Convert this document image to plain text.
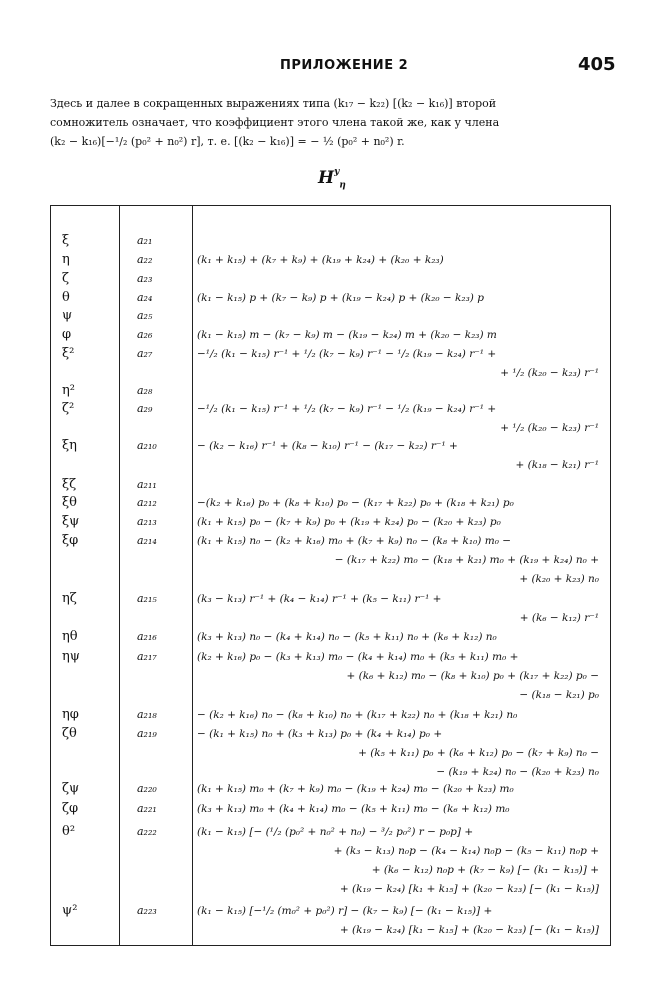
ПРИЛОЖЕНИЕ 2	405
Здесь и далее в сокращенных выражениях типа (k₁₇ − k₂₂) [(k₂ − k₁₆)] второй
сомножитель означает, что коэффициент этого члена такой же, как у члена
(k₂ − k₁₆)[−¹/₂ (p₀² + n₀²) r], т. е. [(k₂ − k₁₆)] = − ½ (p₀² + n₀²) r.
$H^y_\eta$

ξ	a₂₁
η	a₂₂	(k₁ + k₁₅) + (k₇ + k₉) + (k₁₉ + k₂₄) + (k₂₀ + k₂₃)
ζ	a₂₃
θ	a₂₄	(k₁ − k₁₅) p + (k₇ − k₉) p + (k₁₉ − k₂₄) p + (k₂₀ − k₂₃) p
ψ	a₂₅
φ	a₂₆	(k₁ − k₁₅) m − (k₇ − k₉) m − (k₁₉ − k₂₄) m + (k₂₀ − k₂₃) m
ξ²	a₂₇	−¹/₂ (k₁ − k₁₅) r⁻¹ + ¹/₂ (k₇ − k₉) r⁻¹ − ¹/₂ (k₁₉ − k₂₄) r⁻¹ +
+ ¹/₂ (k₂₀ − k₂₃) r⁻¹
η²	a₂₈
ζ²	a₂₉	−¹/₂ (k₁ − k₁₅) r⁻¹ + ¹/₂ (k₇ − k₉) r⁻¹ − ¹/₂ (k₁₉ − k₂₄) r⁻¹ +
+ ¹/₂ (k₂₀ − k₂₃) r⁻¹
ξη	a₂₁₀	− (k₂ − k₁₆) r⁻¹ + (k₈ − k₁₀) r⁻¹ − (k₁₇ − k₂₂) r⁻¹ +
+ (k₁₈ − k₂₁) r⁻¹
ξζ	a₂₁₁
ξθ	a₂₁₂	−(k₂ + k₁₆) p₀ + (k₈ + k₁₀) p₀ − (k₁₇ + k₂₂) p₀ + (k₁₈ + k₂₁) p₀
ξψ	a₂₁₃	(k₁ + k₁₅) p₀ − (k₇ + k₉) p₀ + (k₁₉ + k₂₄) p₀ − (k₂₀ + k₂₃) p₀
ξφ	a₂₁₄	(k₁ + k₁₅) n₀ − (k₂ + k₁₆) m₀ + (k₇ + k₉) n₀ − (k₈ + k₁₀) m₀ −
− (k₁₇ + k₂₂) m₀ − (k₁₈ + k₂₁) m₀ + (k₁₉ + k₂₄) n₀ +
+ (k₂₀ + k₂₃) n₀
ηζ	a₂₁₅	(k₃ − k₁₃) r⁻¹ + (k₄ − k₁₄) r⁻¹ + (k₅ − k₁₁) r⁻¹ +
+ (k₆ − k₁₂) r⁻¹
ηθ	a₂₁₆	(k₃ + k₁₃) n₀ − (k₄ + k₁₄) n₀ − (k₅ + k₁₁) n₀ + (k₆ + k₁₂) n₀
ηψ	a₂₁₇	(k₂ + k₁₆) p₀ − (k₃ + k₁₃) m₀ − (k₄ + k₁₄) m₀ + (k₅ + k₁₁) m₀ +
+ (k₆ + k₁₂) m₀ − (k₈ + k₁₀) p₀ + (k₁₇ + k₂₂) p₀ −
− (k₁₈ − k₂₁) p₀
ηφ	a₂₁₈	− (k₂ + k₁₆) n₀ − (k₈ + k₁₀) n₀ + (k₁₇ + k₂₂) n₀ + (k₁₈ + k₂₁) n₀
ζθ	a₂₁₉	− (k₁ + k₁₅) n₀ + (k₃ + k₁₃) p₀ + (k₄ + k₁₄) p₀ +
+ (k₅ + k₁₁) p₀ + (k₆ + k₁₂) p₀ − (k₇ + k₉) n₀ −
− (k₁₉ + k₂₄) n₀ − (k₂₀ + k₂₃) n₀
ζψ	a₂₂₀	(k₁ + k₁₅) m₀ + (k₇ + k₉) m₀ − (k₁₉ + k₂₄) m₀ − (k₂₀ + k₂₃) m₀
ζφ	a₂₂₁	(k₃ + k₁₃) m₀ + (k₄ + k₁₄) m₀ − (k₅ + k₁₁) m₀ − (k₆ + k₁₂) m₀
θ²	a₂₂₂	(k₁ − k₁₅) [− (¹/₂ (p₀² + n₀² + n₀) − ³/₂ p₀²) r − p₀p] +
+ (k₃ − k₁₃) n₀p − (k₄ − k₁₄) n₀p − (k₅ − k₁₁) n₀p +
+ (k₆ − k₁₂) n₀p + (k₇ − k₉) [− (k₁ − k₁₅)] +
+ (k₁₉ − k₂₄) [k₁ + k₁₅] + (k₂₀ − k₂₃) [− (k₁ − k₁₅)]
ψ²	a₂₂₃	(k₁ − k₁₅) [−¹/₂ (m₀² + p₀²) r] − (k₇ − k₉) [− (k₁ − k₁₅)] +
+ (k₁₉ − k₂₄) [k₁ − k₁₅] + (k₂₀ − k₂₃) [− (k₁ − k₁₅)]
